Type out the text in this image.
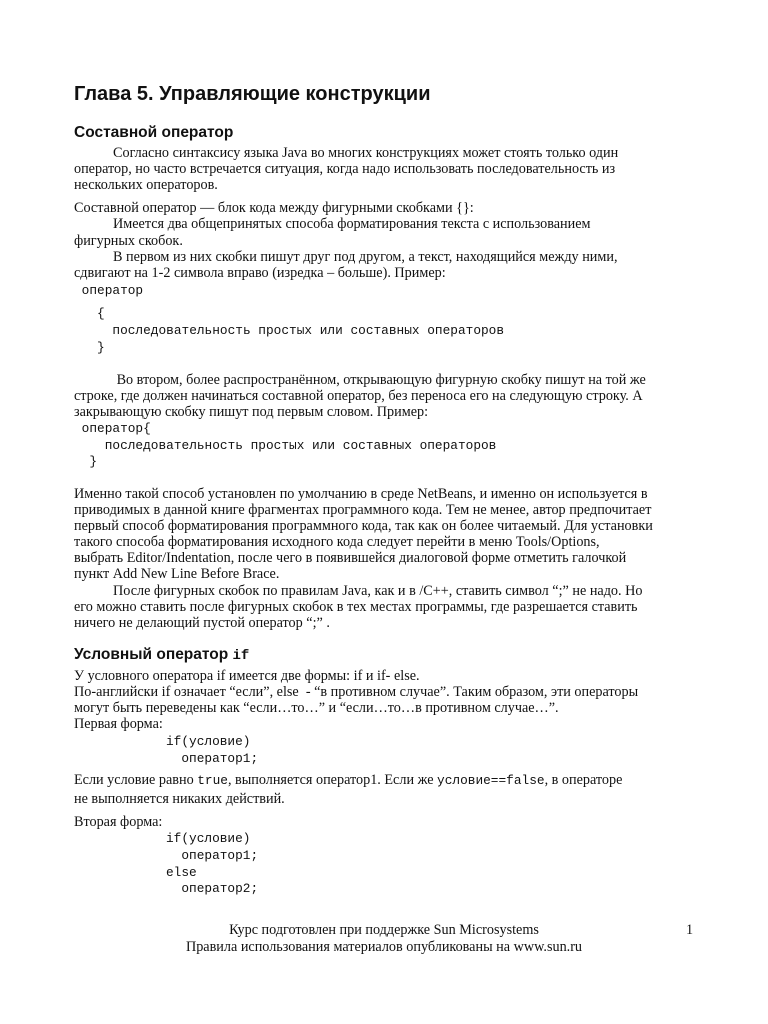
Глава 5. Управляющие конструкции
Составной оператор
Согласно синтаксису языка Java во многих конструкциях может стоять только один
оператор, но часто встречается ситуация, когда надо использовать последовательность из
нескольких операторов.
Составной оператор — блок кода между фигурными скобками {}:
Имеется два общепринятых способа форматирования текста с использованием
фигурных скобок.
В первом из них скобки пишут друг под другом, а текст, находящийся между ними,
сдвигают на 1-2 символа вправо (изредка – больше). Пример:
оператор
{
последовательность простых или составных операторов
}
Во втором, более распространённом, открывающую фигурную скобку пишут на той же
строке, где должен начинаться составной оператор, без переноса его на следующую строку. А
закрывающую скобку пишут под первым словом. Пример:
оператор{
последовательность простых или составных операторов
}
Именно такой способ установлен по умолчанию в среде NetBeans, и именно он используется в
приводимых в данной книге фрагментах программного кода. Тем не менее, автор предпочитает
первый способ форматирования программного кода, так как он более читаемый. Для установки
такого способа форматирования исходного кода следует перейти в меню Tools/Options,
выбрать Editor/Indentation, после чего в появившейся диалоговой форме отметить галочкой
пункт Add New Line Before Brace.
После фигурных скобок по правилам Java, как и в /C++, ставить символ “;” не надо. Но
его можно ставить после фигурных скобок в тех местах программы, где разрешается ставить
ничего не делающий пустой оператор “;” .
Условный оператор if
У условного оператора if имеется две формы: if и if- else.
По-английски if означает “если”, else  - “в противном случае”. Таким образом, эти операторы
могут быть переведены как “если…то…” и “если…то…в противном случае…”.
Первая форма:
if(условие)
оператор1;
Если условие равно true, выполняется оператор1. Если же условие==false, в операторе
не выполняется никаких действий.
Вторая форма:
if(условие)
оператор1;
else
оператор2;
Курс подготовлен при поддержке Sun Microsystems
Правила использования материалов опубликованы на www.sun.ru
1
